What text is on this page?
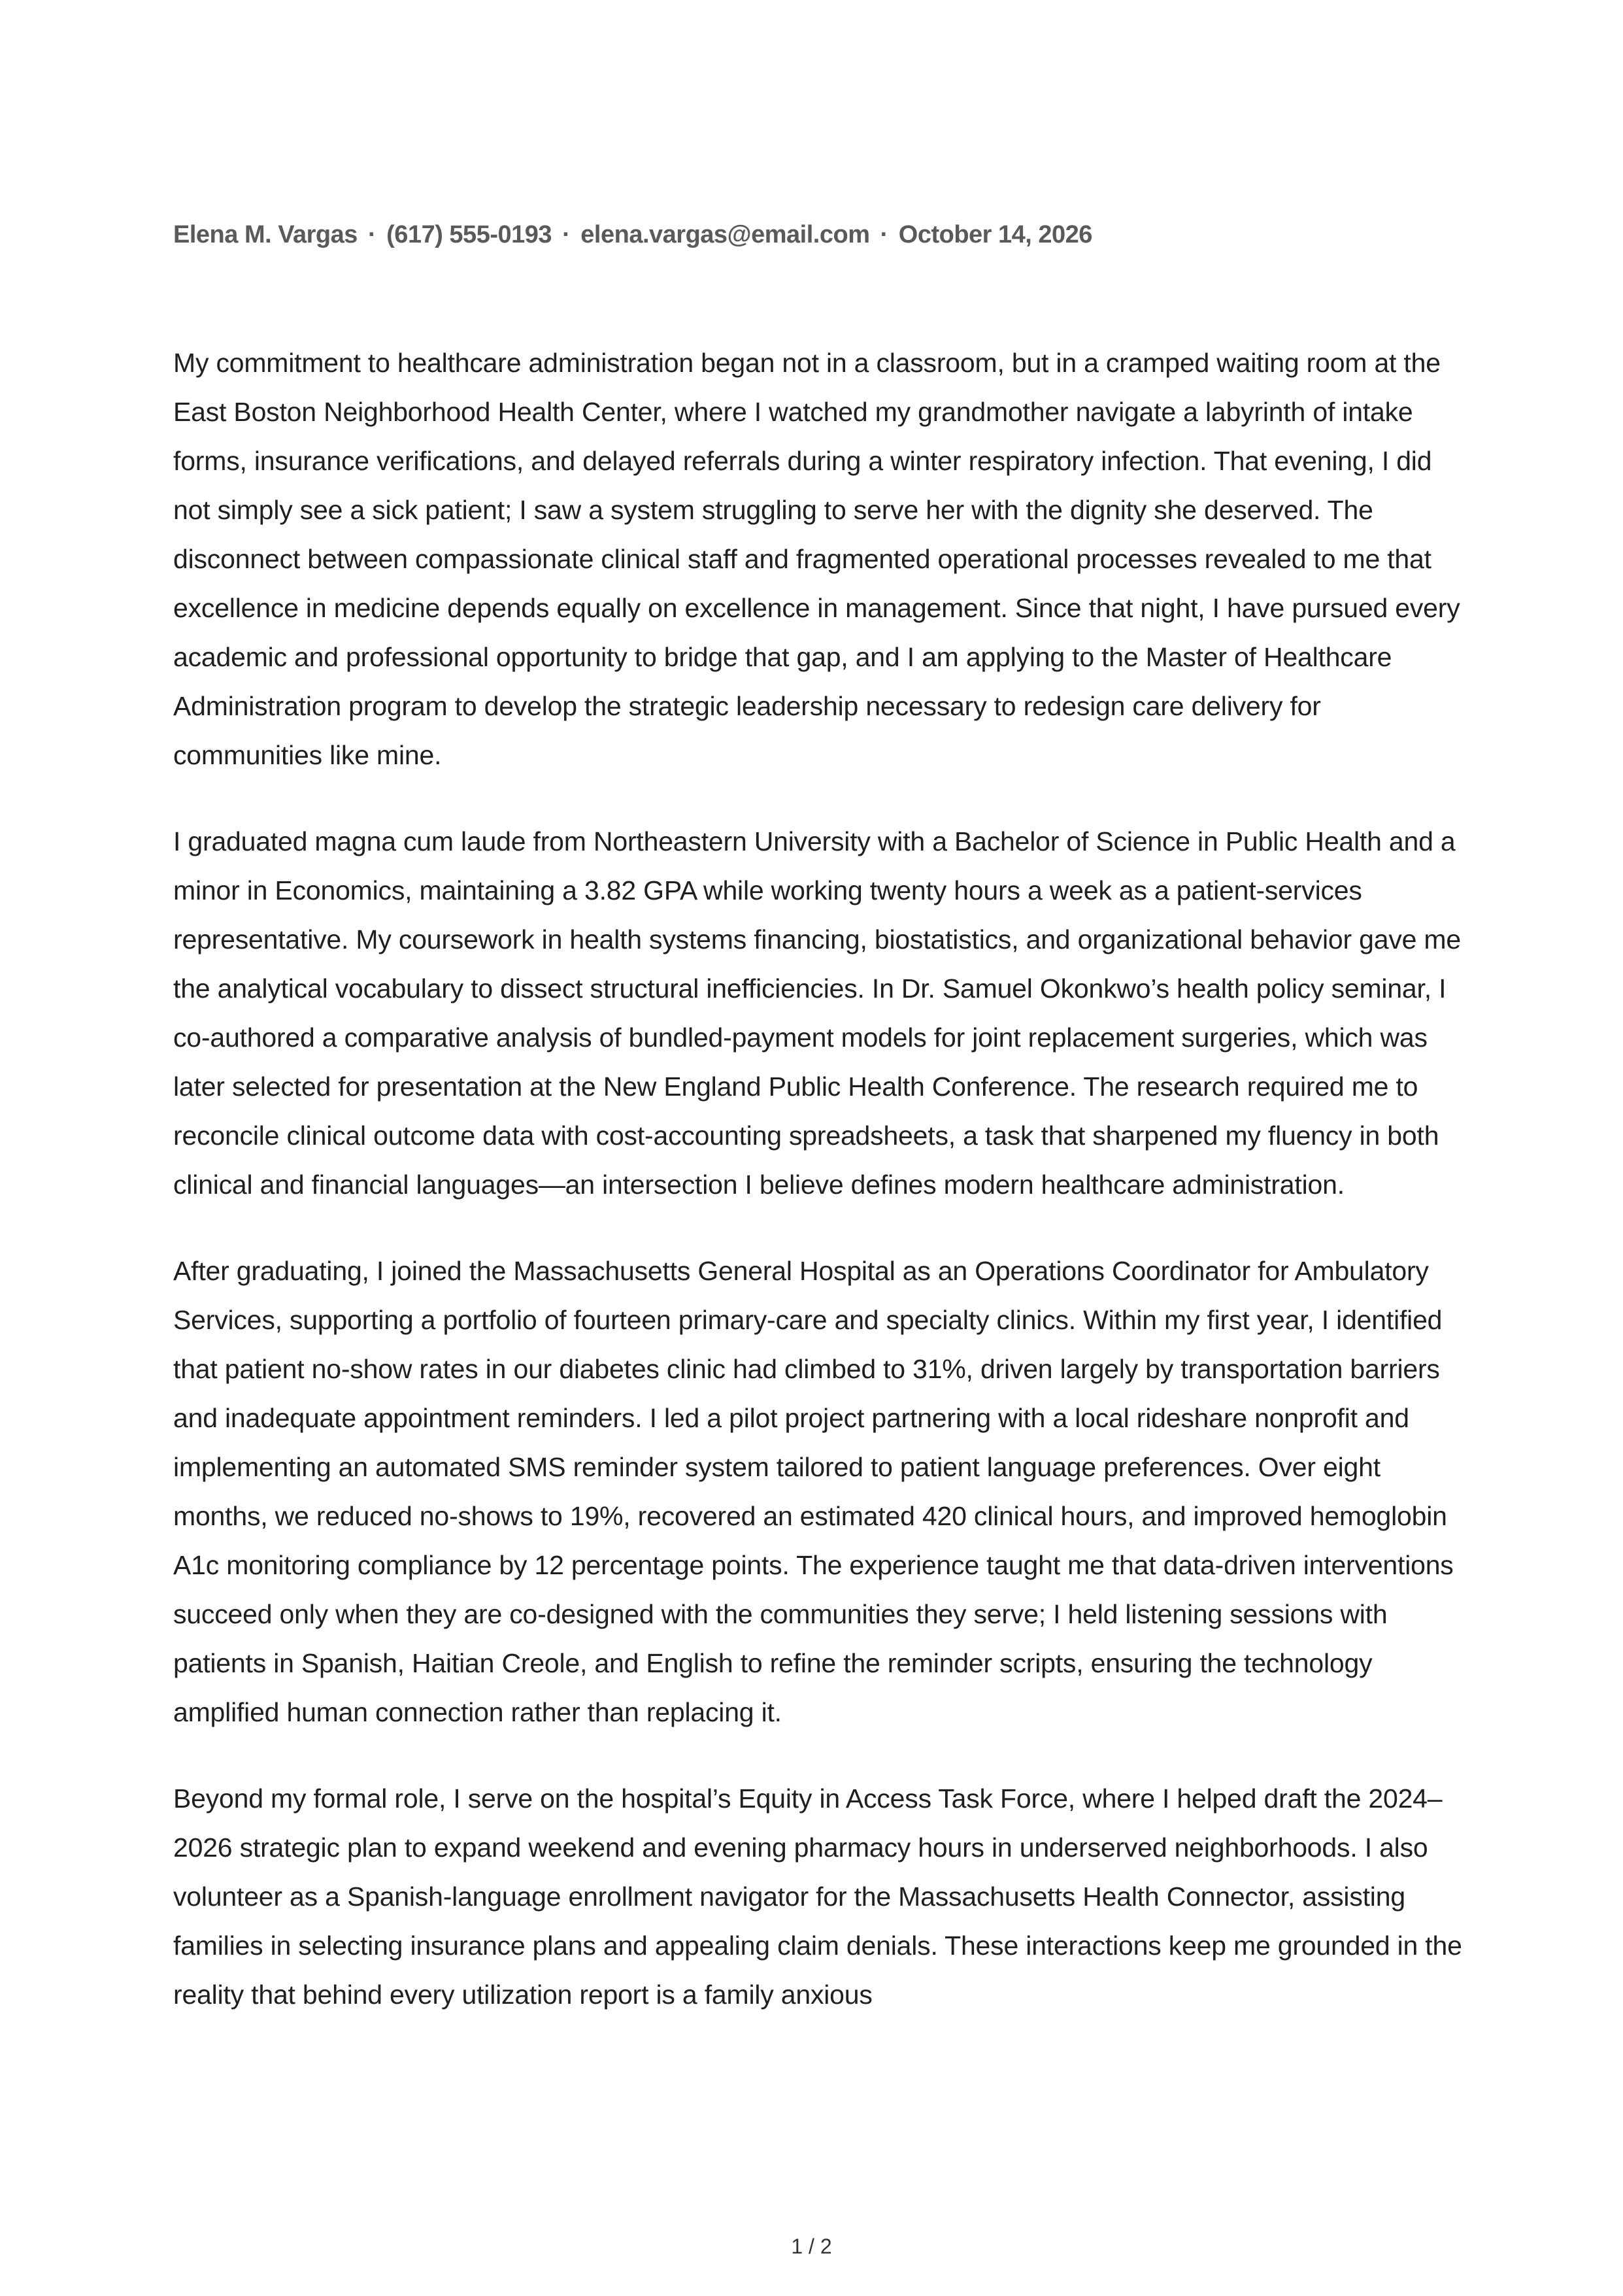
Elena M. Vargas · (617) 555-0193 · elena.vargas@email.com · October 14, 2026

My commitment to healthcare administration began not in a classroom, but in a cramped waiting room at the East Boston Neighborhood Health Center, where I watched my grandmother navigate a labyrinth of intake forms, insurance verifications, and delayed referrals during a winter respiratory infection. That evening, I did not simply see a sick patient; I saw a system struggling to serve her with the dignity she deserved. The disconnect between compassionate clinical staff and fragmented operational processes revealed to me that excellence in medicine depends equally on excellence in management. Since that night, I have pursued every academic and professional opportunity to bridge that gap, and I am applying to the Master of Healthcare Administration program to develop the strategic leadership necessary to redesign care delivery for communities like mine.

I graduated magna cum laude from Northeastern University with a Bachelor of Science in Public Health and a minor in Economics, maintaining a 3.82 GPA while working twenty hours a week as a patient-services representative. My coursework in health systems financing, biostatistics, and organizational behavior gave me the analytical vocabulary to dissect structural inefficiencies. In Dr. Samuel Okonkwo’s health policy seminar, I co-authored a comparative analysis of bundled-payment models for joint replacement surgeries, which was later selected for presentation at the New England Public Health Conference. The research required me to reconcile clinical outcome data with cost-accounting spreadsheets, a task that sharpened my fluency in both clinical and financial languages—an intersection I believe defines modern healthcare administration.

After graduating, I joined the Massachusetts General Hospital as an Operations Coordinator for Ambulatory Services, supporting a portfolio of fourteen primary-care and specialty clinics. Within my first year, I identified that patient no-show rates in our diabetes clinic had climbed to 31%, driven largely by transportation barriers and inadequate appointment reminders. I led a pilot project partnering with a local rideshare nonprofit and implementing an automated SMS reminder system tailored to patient language preferences. Over eight months, we reduced no-shows to 19%, recovered an estimated 420 clinical hours, and improved hemoglobin A1c monitoring compliance by 12 percentage points. The experience taught me that data-driven interventions succeed only when they are co-designed with the communities they serve; I held listening sessions with patients in Spanish, Haitian Creole, and English to refine the reminder scripts, ensuring the technology amplified human connection rather than replacing it.

Beyond my formal role, I serve on the hospital’s Equity in Access Task Force, where I helped draft the 2024–2026 strategic plan to expand weekend and evening pharmacy hours in underserved neighborhoods. I also volunteer as a Spanish-language enrollment navigator for the Massachusetts Health Connector, assisting families in selecting insurance plans and appealing claim denials. These interactions keep me grounded in the reality that behind every utilization report is a family anxious

1 / 2
